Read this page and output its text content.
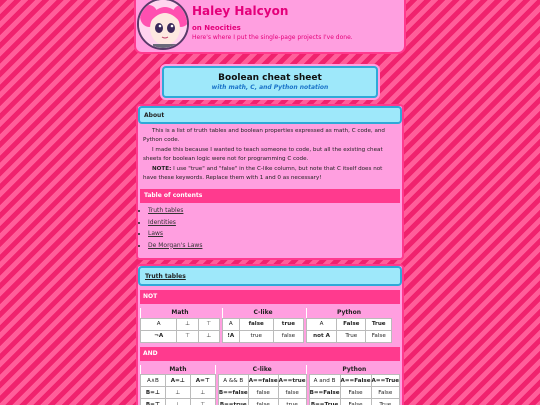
Haley Halcyon
on Neocities
Here's where I put the single-page projects I've done.
Boolean cheat sheet
with math, C, and Python notation
About

This is a list of truth tables and boolean properties expressed as math, C code, and Python code.

I made this because I wanted to teach someone to code, but all the existing cheat sheets for boolean logic were not for programming C code.

NOTE: I use "true" and "false" in the C-like column, but note that C itself does not have these keywords. Replace them with 1 and 0 as necessary!

Table of contents
• Truth tables
• Identities
• Laws
• De Morgan's Laws
Truth tables
NOT
Math		
A	⊥	⊤
¬A	⊤	⊥
C-like		
A	false	true
!A	true	false
Python		
A	False	True
not A	True	False
AND
Math		
A∧B	A=⊥	A=⊤
B=⊥	⊥	⊥
B=⊤	⊥	⊤
C-like		
A && B	A==false	A==true
B==false	false	false
B==true	false	true
Python		
A and B	A==False	A==True
B==False	False	False
B==True	False	True
